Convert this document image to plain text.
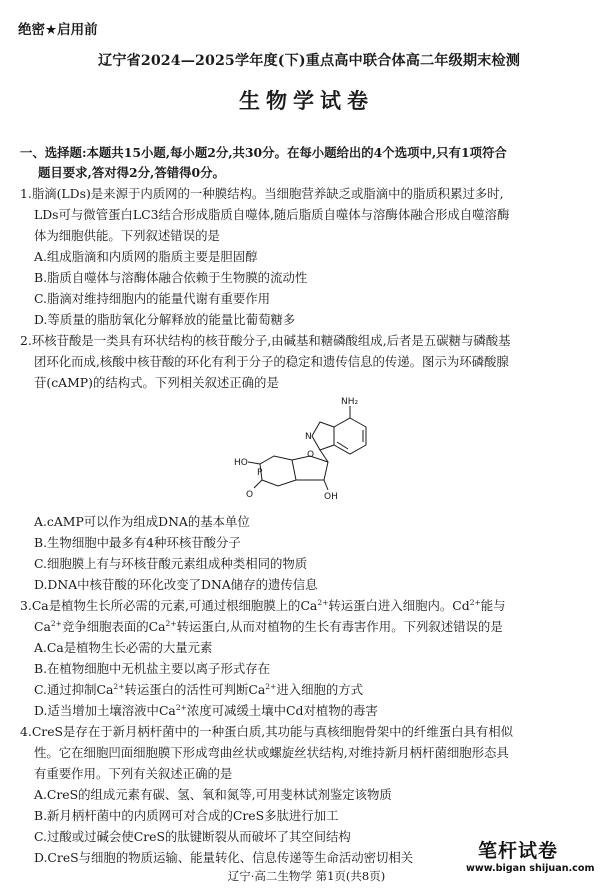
绝密★启用前
辽宁省2024—2025学年度(下)重点高中联合体高二年级期末检测
生物学试卷
一、选择题:本题共15小题,每小题2分,共30分。在每小题给出的4个选项中,只有1项符合
题目要求,答对得2分,答错得0分。
1.脂滴(LDs)是来源于内质网的一种膜结构。当细胞营养缺乏或脂滴中的脂质积累过多时,
LDs可与微管蛋白LC3结合形成脂质自噬体,随后脂质自噬体与溶酶体融合形成自噬溶酶
体为细胞供能。下列叙述错误的是
A.组成脂滴和内质网的脂质主要是胆固醇
B.脂质自噬体与溶酶体融合依赖于生物膜的流动性
C.脂滴对维持细胞内的能量代谢有重要作用
D.等质量的脂肪氧化分解释放的能量比葡萄糖多
2.环核苷酸是一类具有环状结构的核苷酸分子,由碱基和糖磷酸组成,后者是五碳糖与磷酸基
团环化而成,核酸中核苷酸的环化有利于分子的稳定和遗传信息的传递。图示为环磷酸腺
苷(cAMP)的结构式。下列相关叙述正确的是
NH₂
N
O
OH
HO
P
O
A.cAMP可以作为组成DNA的基本单位
B.生物细胞中最多有4种环核苷酸分子
C.细胞膜上有与环核苷酸元素组成种类相同的物质
D.DNA中核苷酸的环化改变了DNA储存的遗传信息
3.Ca是植物生长所必需的元素,可通过根细胞膜上的$Ca^{2+}$转运蛋白进入细胞内。$Cd^{2+}$能与
$Ca^{2+}$竞争细胞表面的$Ca^{2+}$转运蛋白,从而对植物的生长有毒害作用。下列叙述错误的是
A.Ca是植物生长必需的大量元素
B.在植物细胞中无机盐主要以离子形式存在
C.通过抑制$Ca^{2+}$转运蛋白的活性可判断$Ca^{2+}$进入细胞的方式
D.适当增加土壤溶液中$Ca^{2+}$浓度可减缓土壤中Cd对植物的毒害
4.CreS是存在于新月柄杆菌中的一种蛋白质,其功能与真核细胞骨架中的纤维蛋白具有相似
性。它在细胞凹面细胞膜下形成弯曲丝状或螺旋丝状结构,对维持新月柄杆菌细胞形态具
有重要作用。下列有关叙述正确的是
A.CreS的组成元素有碳、氢、氧和氮等,可用斐林试剂鉴定该物质
B.新月柄杆菌中的内质网可对合成的CreS多肽进行加工
C.过酸或过碱会使CreS的肽键断裂从而破坏了其空间结构
D.CreS与细胞的物质运输、能量转化、信息传递等生命活动密切相关
辽宁·高二生物学 第1页(共8页)
笔杆试卷
www.bigan shijuan.com
